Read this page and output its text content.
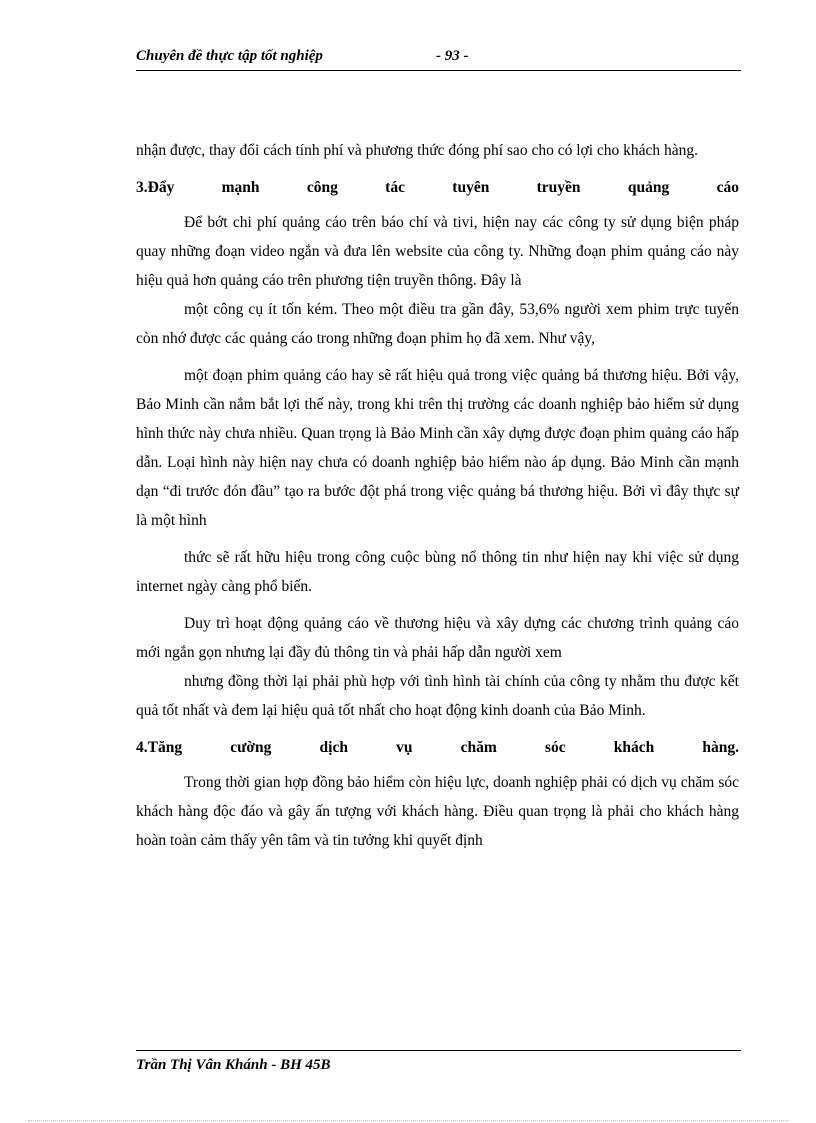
Chuyên đề thực tập tốt nghiệp	- 93 -

nhận được, thay đổi cách tính phí và phương thức đóng phí sao cho có lợi cho khách hàng.

3.Đẩy	mạnh	công	tác	tuyên	truyền	quảng	cáo

Để bớt chi phí quảng cáo trên báo chí và tivi, hiện nay các công ty sử dụng biện pháp quay những đoạn video ngắn và đưa lên website của công ty. Những đoạn phim quảng cáo này hiệu quả hơn quảng cáo trên phương tiện truyền thông. Đây là

một công cụ ít tốn kém. Theo một điều tra gần đây, 53,6% người xem phim trực tuyến còn nhớ được các quảng cáo trong những đoạn phim họ đã xem. Như vậy,

một đoạn phim quảng cáo hay sẽ rất hiệu quả trong việc quảng bá thương hiệu. Bởi vậy, Bảo Minh cần nắm bắt lợi thế này, trong khi trên thị trường các doanh nghiệp bảo hiểm sử dụng hình thức này chưa nhiều. Quan trọng là Bảo Minh cần xây dựng được đoạn phim quảng cáo hấp dẫn. Loại hình này hiện nay chưa có doanh nghiệp bảo hiểm nào áp dụng. Bảo Minh cần mạnh dạn “đi trước đón đầu” tạo ra bước đột phá trong việc quảng bá thương hiệu. Bởi vì đây thực sự là một hình

thức sẽ rất hữu hiệu trong công cuộc bùng nổ thông tin như hiện nay khi việc sử dụng internet ngày càng phổ biến.

Duy trì hoạt động quảng cáo về thương hiệu và xây dựng các chương trình quảng cáo mới ngắn gọn nhưng lại đầy đủ thông tin và phải hấp dẫn người xem

nhưng đồng thời lại phải phù hợp với tình hình tài chính của công ty nhằm thu được kết quả tốt nhất và đem lại hiệu quả tốt nhất cho hoạt động kinh doanh của Bảo Minh.

4.Tăng	cường	dịch	vụ	chăm	sóc	khách	hàng.

Trong thời gian hợp đồng bảo hiểm còn hiệu lực, doanh nghiệp phải có dịch vụ chăm sóc khách hàng độc đáo và gây ấn tượng với khách hàng. Điều quan trọng là phải cho khách hàng hoàn toàn cảm thấy yên tâm và tin tưởng khi quyết định

Trần Thị Vân Khánh - BH 45B
